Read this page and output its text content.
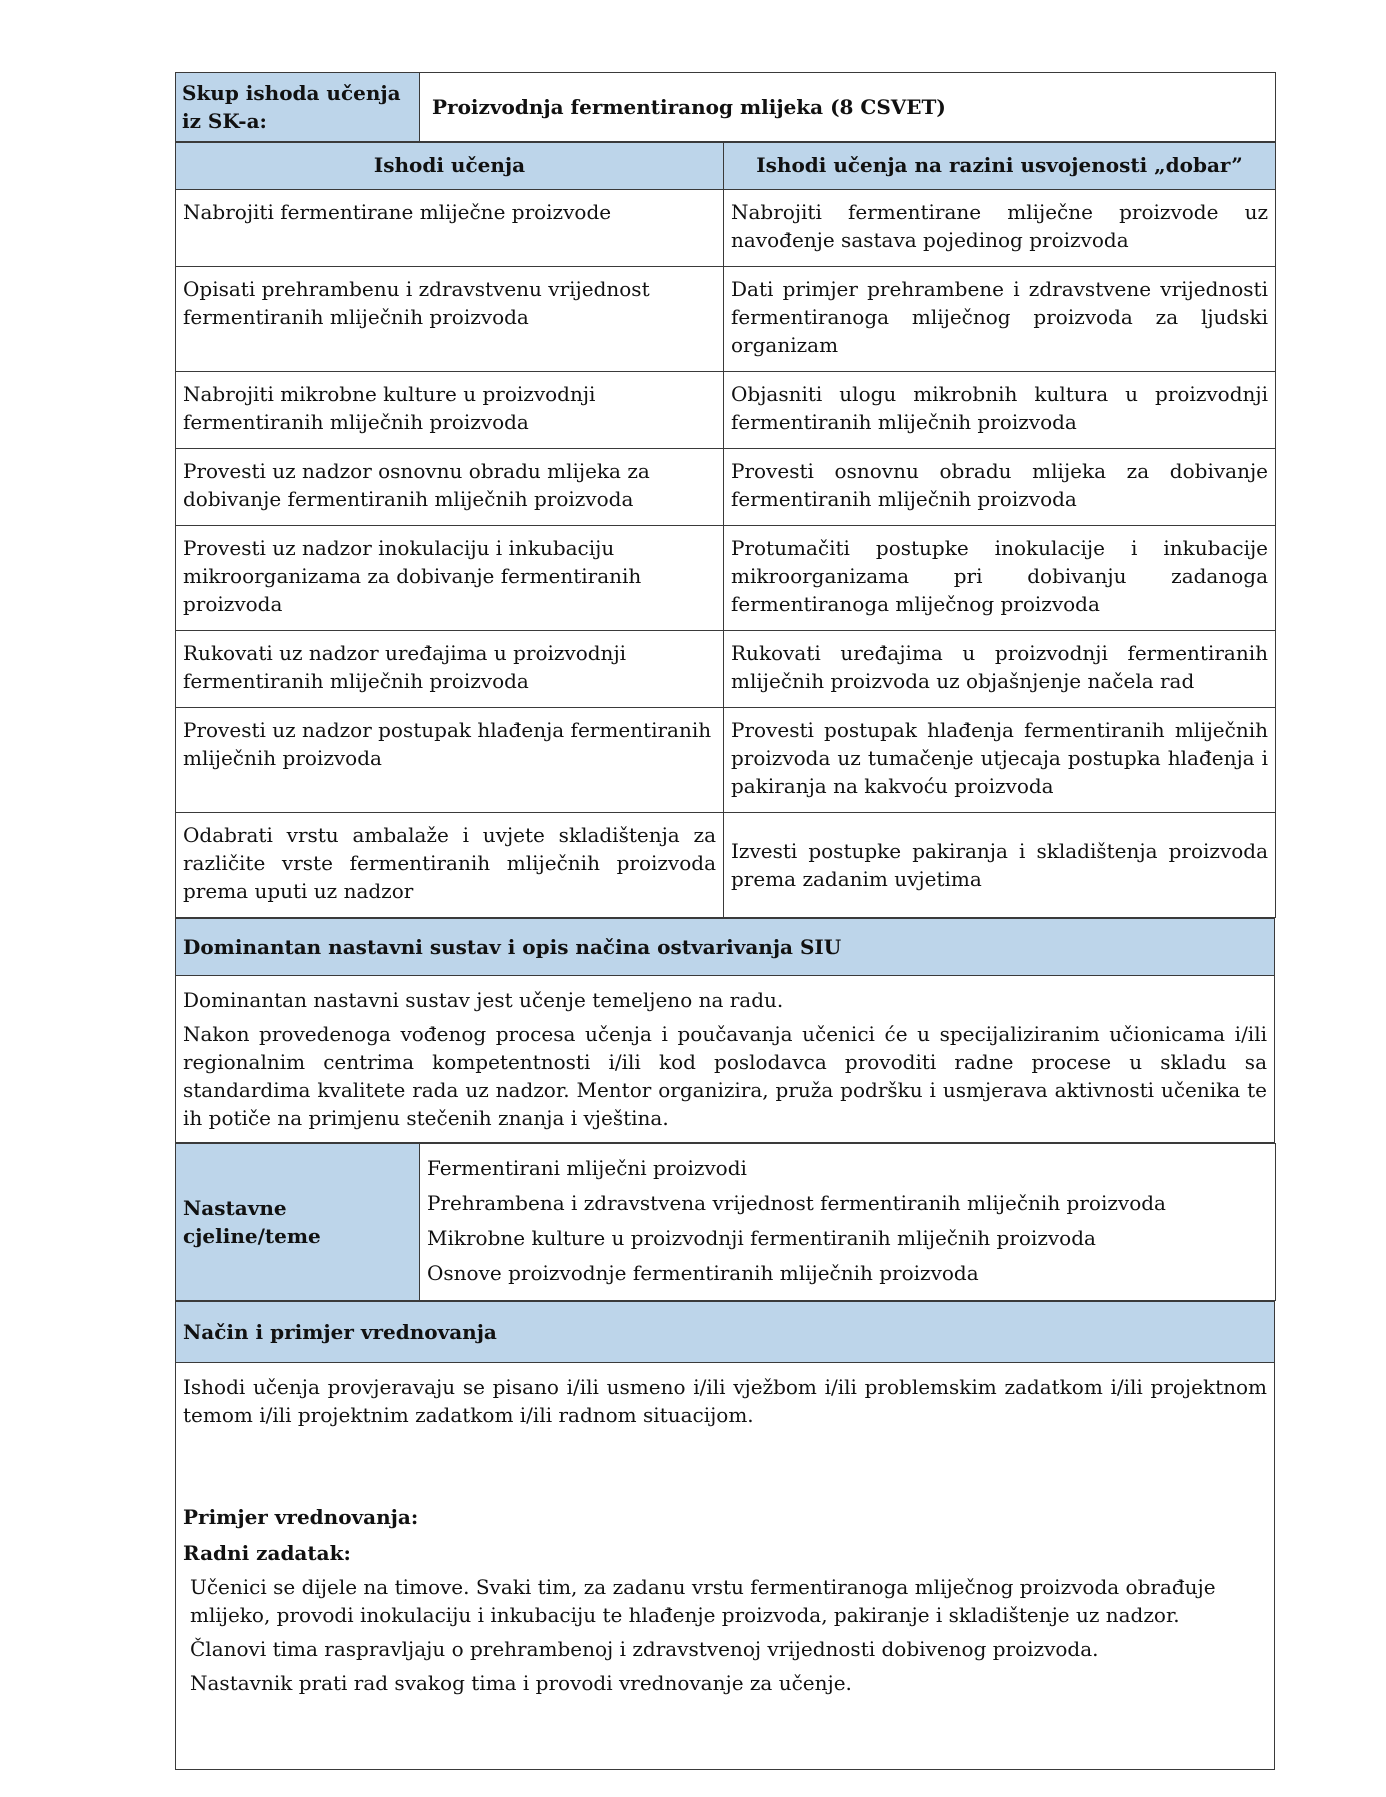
Skup ishoda učenja iz SK-a:	Proizvodnja fermentiranog mlijeka (8 CSVET)
Ishodi učenja	Ishodi učenja na razini usvojenosti „dobar”
Nabrojiti fermentirane mliječne proizvode	Nabrojiti fermentirane mliječne proizvode uz navođenje sastava pojedinog proizvoda
Opisati prehrambenu i zdravstvenu vrijednost fermentiranih mliječnih proizvoda	Dati primjer prehrambene i zdravstvene vrijednosti fermentiranoga mliječnog proizvoda za ljudski organizam
Nabrojiti mikrobne kulture u proizvodnji fermentiranih mliječnih proizvoda	Objasniti ulogu mikrobnih kultura u proizvodnji fermentiranih mliječnih proizvoda
Provesti uz nadzor osnovnu obradu mlijeka za dobivanje fermentiranih mliječnih proizvoda	Provesti osnovnu obradu mlijeka za dobivanje fermentiranih mliječnih proizvoda
Provesti uz nadzor inokulaciju i inkubaciju mikroorganizama za dobivanje fermentiranih proizvoda	Protumačiti postupke inokulacije i inkubacije mikroorganizama pri dobivanju zadanoga fermentiranoga mliječnog proizvoda
Rukovati uz nadzor uređajima u proizvodnji fermentiranih mliječnih proizvoda	Rukovati uređajima u proizvodnji fermentiranih mliječnih proizvoda uz objašnjenje načela rad
Provesti uz nadzor postupak hlađenja fermentiranih mliječnih proizvoda	Provesti postupak hlađenja fermentiranih mliječnih proizvoda uz tumačenje utjecaja postupka hlađenja i pakiranja na kakvoću proizvoda
Odabrati vrstu ambalaže i uvjete skladištenja za različite vrste fermentiranih mliječnih proizvoda prema uputi uz nadzor	Izvesti postupke pakiranja i skladištenja proizvoda prema zadanim uvjetima
Dominantan nastavni sustav i opis načina ostvarivanja SIU

Dominantan nastavni sustav jest učenje temeljeno na radu.

Nakon provedenoga vođenog procesa učenja i poučavanja učenici će u specijaliziranim učionicama i/ili regionalnim centrima kompetentnosti i/ili kod poslodavca provoditi radne procese u skladu sa standardima kvalitete rada uz nadzor. Mentor organizira, pruža podršku i usmjerava aktivnosti učenika te ih potiče na primjenu stečenih znanja i vještina.

Nastavne cjeline/teme	

Fermentirani mliječni proizvodi

Prehrambena i zdravstvena vrijednost fermentiranih mliječnih proizvoda

Mikrobne kulture u proizvodnji fermentiranih mliječnih proizvoda

Osnove proizvodnje fermentiranih mliječnih proizvoda

Način i primjer vrednovanja

Ishodi učenja provjeravaju se pisano i/ili usmeno i/ili vježbom i/ili problemskim zadatkom i/ili projektnom temom i/ili projektnim zadatkom i/ili radnom situacijom.

Primjer vrednovanja:

Radni zadatak:

Učenici se dijele na timove. Svaki tim, za zadanu vrstu fermentiranoga mliječnog proizvoda obrađuje mlijeko, provodi inokulaciju i inkubaciju te hlađenje proizvoda, pakiranje i skladištenje uz nadzor.

Članovi tima raspravljaju o prehrambenoj i zdravstvenoj vrijednosti dobivenog proizvoda.

Nastavnik prati rad svakog tima i provodi vrednovanje za učenje.
